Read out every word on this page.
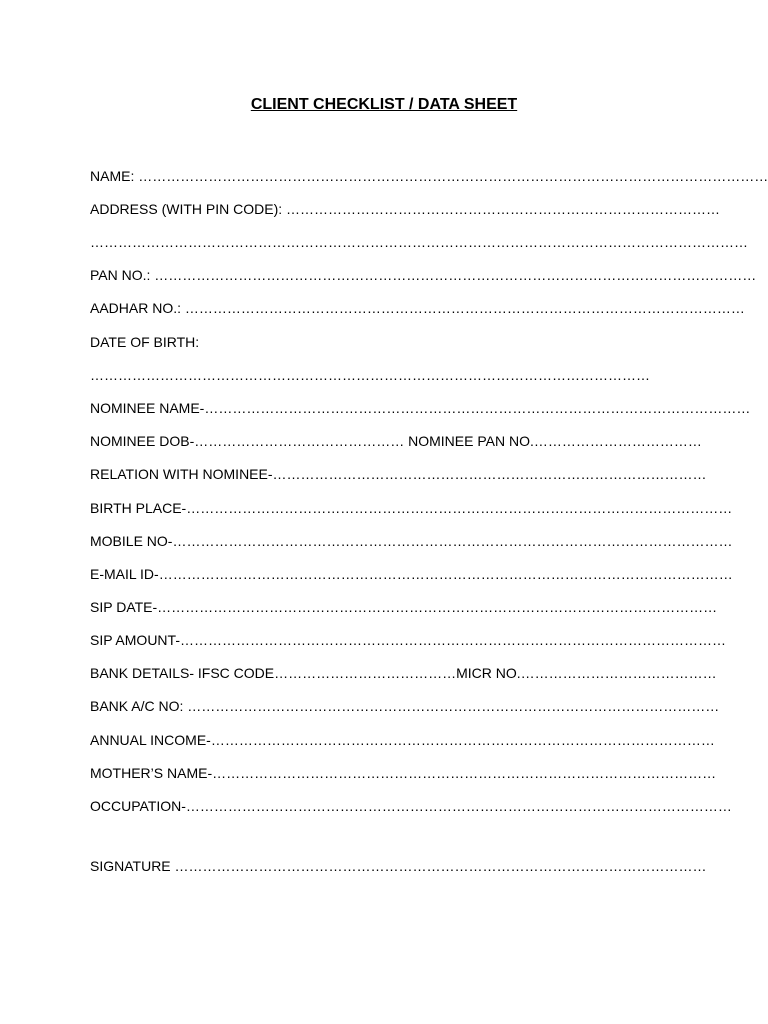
CLIENT CHECKLIST / DATA SHEET
NAME: ………………………………………………………………………………………………………………………
ADDRESS (WITH PIN CODE): …………………………………………………………………………………
……………………………………………………………………………………………………………………………
PAN NO.: …………………………………………………………………………………………………………………
AADHAR NO.: …………………………………………………………………………………………………………
DATE OF BIRTH:
…………………………………………………………………………………………………………
NOMINEE NAME-………………………………………………………………………………………………………
NOMINEE DOB-……………………………………… NOMINEE PAN NO.………………………………
RELATION WITH NOMINEE-…………………………………………………………………………………
BIRTH PLACE-………………………………………………………………………………………………………
MOBILE NO-…………………………………………………………………………………………………………
E-MAIL ID-……………………………………………………………………………………………………………
SIP DATE-…………………………………………………………………………………………………………
SIP AMOUNT-………………………………………………………………………………………………………
BANK DETAILS- IFSC CODE…………………………………MICR NO.……………………………………
BANK A/C NO: ……………………………………………………………………………………………………
ANNUAL INCOME-………………………………………………………………………………………………
MOTHER’S NAME-………………………………………………………………………………………………
OCCUPATION-………………………………………………………………………………………………………
SIGNATURE ……………………………………………………………………………………………………
